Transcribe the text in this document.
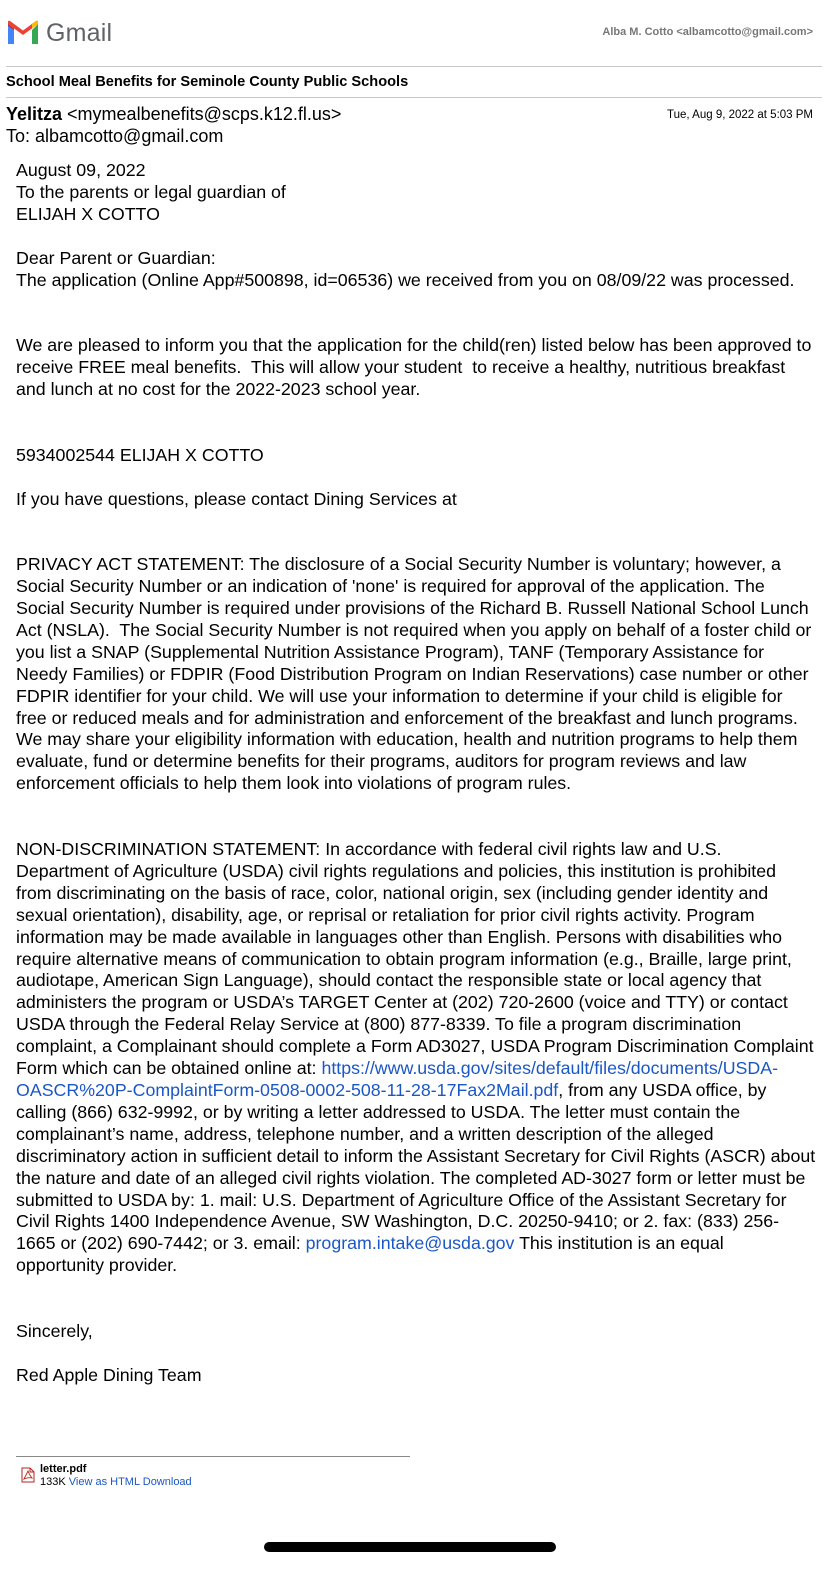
Gmail	Alba M. Cotto <albamcotto@gmail.com>
School Meal Benefits for Seminole County Public Schools
Yelitza <mymealbenefits@scps.k12.fl.us>	Tue, Aug 9, 2022 at 5:03 PM
To: albamcotto@gmail.com

August 09, 2022

To the parents or legal guardian of

ELIJAH X COTTO

Dear Parent or Guardian:

The application (Online App#500898, id=06536) we received from you on 08/09/22 was processed.

We are pleased to inform you that the application for the child(ren) listed below has been approved to receive FREE meal benefits.  This will allow your student  to receive a healthy, nutritious breakfast and lunch at no cost for the 2022-2023 school year.

5934002544 ELIJAH X COTTO

If you have questions, please contact Dining Services at

PRIVACY ACT STATEMENT: The disclosure of a Social Security Number is voluntary; however, a Social Security Number or an indication of 'none' is required for approval of the application. The Social Security Number is required under provisions of the Richard B. Russell National School Lunch Act (NSLA).  The Social Security Number is not required when you apply on behalf of a foster child or you list a SNAP (Supplemental Nutrition Assistance Program), TANF (Temporary Assistance for Needy Families) or FDPIR (Food Distribution Program on Indian Reservations) case number or other FDPIR identifier for your child. We will use your information to determine if your child is eligible for free or reduced meals and for administration and enforcement of the breakfast and lunch programs. We may share your eligibility information with education, health and nutrition programs to help them evaluate, fund or determine benefits for their programs, auditors for program reviews and law enforcement officials to help them look into violations of program rules.

NON-DISCRIMINATION STATEMENT: In accordance with federal civil rights law and U.S. Department of Agriculture (USDA) civil rights regulations and policies, this institution is prohibited from discriminating on the basis of race, color, national origin, sex (including gender identity and sexual orientation), disability, age, or reprisal or retaliation for prior civil rights activity. Program information may be made available in languages other than English. Persons with disabilities who require alternative means of communication to obtain program information (e.g., Braille, large print, audiotape, American Sign Language), should contact the responsible state or local agency that administers the program or USDA’s TARGET Center at (202) 720-2600 (voice and TTY) or contact USDA through the Federal Relay Service at (800) 877-8339. To file a program discrimination complaint, a Complainant should complete a Form AD3027, USDA Program Discrimination Complaint Form which can be obtained online at: https://www.usda.gov/sites/default/files/documents/USDA-OASCR%20P-ComplaintForm-0508-0002-508-11-28-17Fax2Mail.pdf, from any USDA office, by calling (866) 632-9992, or by writing a letter addressed to USDA. The letter must contain the complainant’s name, address, telephone number, and a written description of the alleged discriminatory action in sufficient detail to inform the Assistant Secretary for Civil Rights (ASCR) about the nature and date of an alleged civil rights violation. The completed AD-3027 form or letter must be submitted to USDA by: 1. mail: U.S. Department of Agriculture Office of the Assistant Secretary for Civil Rights 1400 Independence Avenue, SW Washington, D.C. 20250-9410; or 2. fax: (833) 256-1665 or (202) 690-7442; or 3. email: program.intake@usda.gov This institution is an equal opportunity provider.

Sincerely,

Red Apple Dining Team

letter.pdf
133K View as HTML Download
